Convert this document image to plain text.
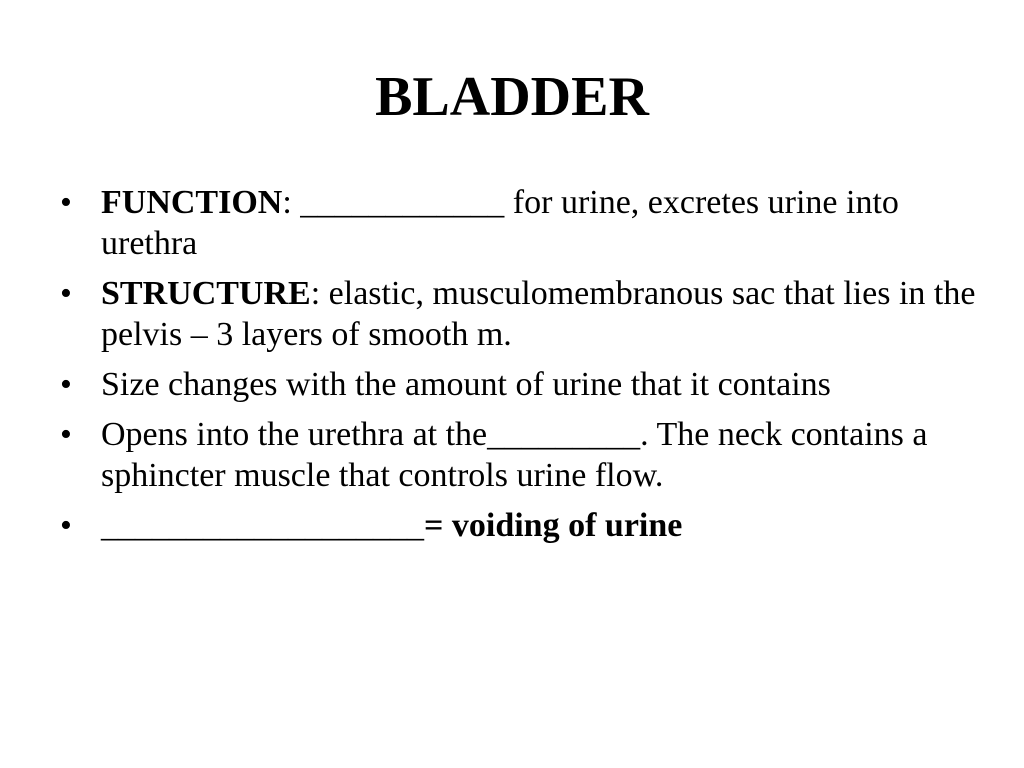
BLADDER
• FUNCTION: ____________ for urine, excretes urine into urethra
• STRUCTURE: elastic, musculomembranous sac that lies in the pelvis – 3 layers of smooth m.
• Size changes with the amount of urine that it contains
• Opens into the urethra at the_________. The neck contains a sphincter muscle that controls urine flow.
• ___________________= voiding of urine
